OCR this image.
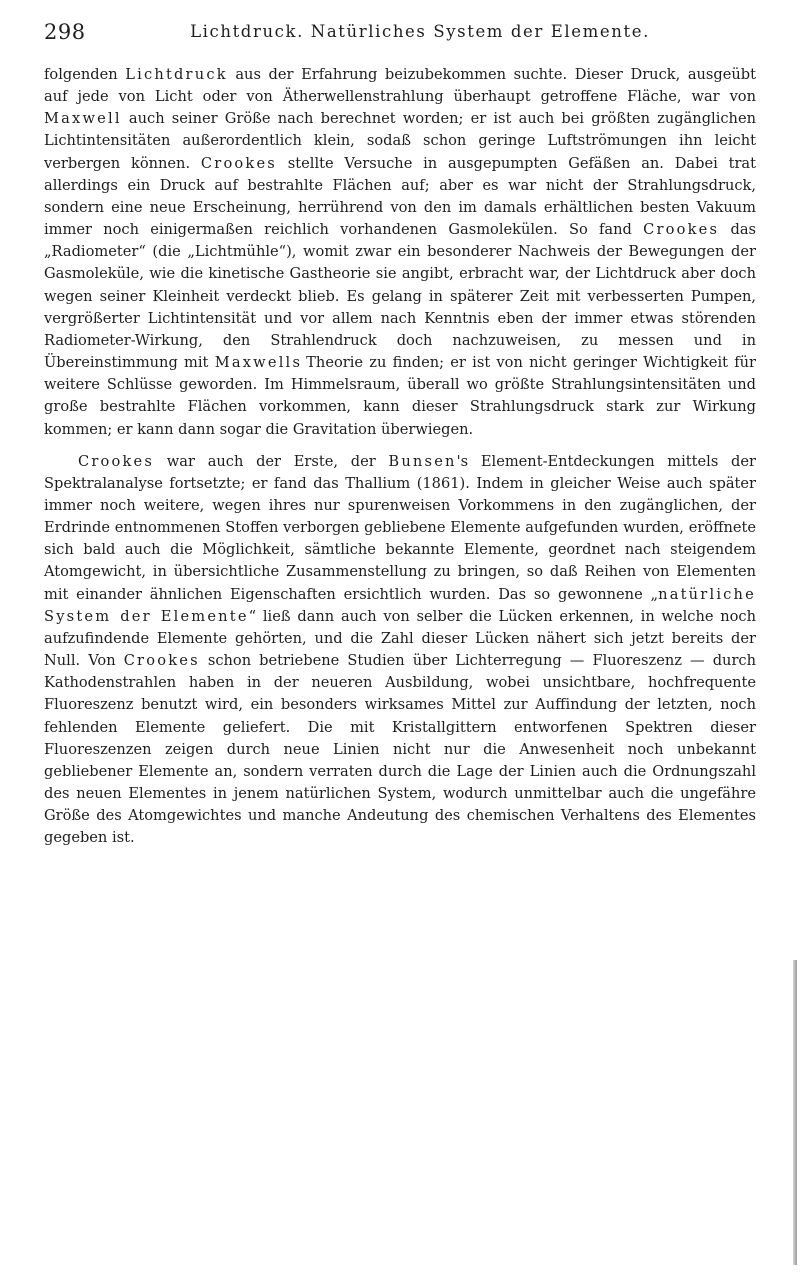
298	Lichtdruck. Natürliches System der Elemente.

folgenden Lichtdruck aus der Erfahrung beizubekommen suchte. Dieser Druck, ausgeübt auf jede von Licht oder von Ätherwellenstrahlung überhaupt getroffene Fläche, war von Maxwell auch seiner Größe nach berechnet worden; er ist auch bei größten zugänglichen Lichtintensitäten außerordentlich klein, sodaß schon geringe Luftströmungen ihn leicht verbergen können. Crookes stellte Versuche in ausgepumpten Gefäßen an. Dabei trat allerdings ein Druck auf bestrahlte Flächen auf; aber es war nicht der Strahlungsdruck, sondern eine neue Erscheinung, herrührend von den im damals erhältlichen besten Vakuum immer noch einigermaßen reichlich vorhandenen Gasmolekülen. So fand Crookes das „Radiometer“ (die „Lichtmühle“), womit zwar ein besonderer Nachweis der Bewegungen der Gasmoleküle, wie die kinetische Gastheorie sie angibt, erbracht war, der Lichtdruck aber doch wegen seiner Kleinheit verdeckt blieb. Es gelang in späterer Zeit mit verbesserten Pumpen, vergrößerter Lichtintensität und vor allem nach Kenntnis eben der immer etwas störenden Radiometer-Wirkung, den Strahlendruck doch nachzuweisen, zu messen und in Übereinstimmung mit Maxwells Theorie zu finden; er ist von nicht geringer Wichtigkeit für weitere Schlüsse geworden. Im Himmelsraum, überall wo größte Strahlungsintensitäten und große bestrahlte Flächen vorkommen, kann dieser Strahlungsdruck stark zur Wirkung kommen; er kann dann sogar die Gravitation überwiegen.

Crookes war auch der Erste, der Bunsen's Element-Entdeckungen mittels der Spektralanalyse fortsetzte; er fand das Thallium (1861). Indem in gleicher Weise auch später immer noch weitere, wegen ihres nur spurenweisen Vorkommens in den zugänglichen, der Erdrinde entnommenen Stoffen verborgen gebliebene Elemente aufgefunden wurden, eröffnete sich bald auch die Möglichkeit, sämtliche bekannte Elemente, geordnet nach steigendem Atomgewicht, in übersichtliche Zusammenstellung zu bringen, so daß Reihen von Elementen mit einander ähnlichen Eigenschaften ersichtlich wurden. Das so gewonnene „natürliche System der Elemente“ ließ dann auch von selber die Lücken erkennen, in welche noch aufzufindende Elemente gehörten, und die Zahl dieser Lücken nähert sich jetzt bereits der Null. Von Crookes schon betriebene Studien über Lichterregung — Fluoreszenz — durch Kathodenstrahlen haben in der neueren Ausbildung, wobei unsichtbare, hochfrequente Fluoreszenz benutzt wird, ein besonders wirksames Mittel zur Auffindung der letzten, noch fehlenden Elemente geliefert. Die mit Kristallgittern entworfenen Spektren dieser Fluoreszenzen zeigen durch neue Linien nicht nur die Anwesenheit noch unbekannt gebliebener Elemente an, sondern verraten durch die Lage der Linien auch die Ordnungszahl des neuen Elementes in jenem natürlichen System, wodurch unmittelbar auch die ungefähre Größe des Atomgewichtes und manche Andeutung des chemischen Verhaltens des Elementes gegeben ist.
